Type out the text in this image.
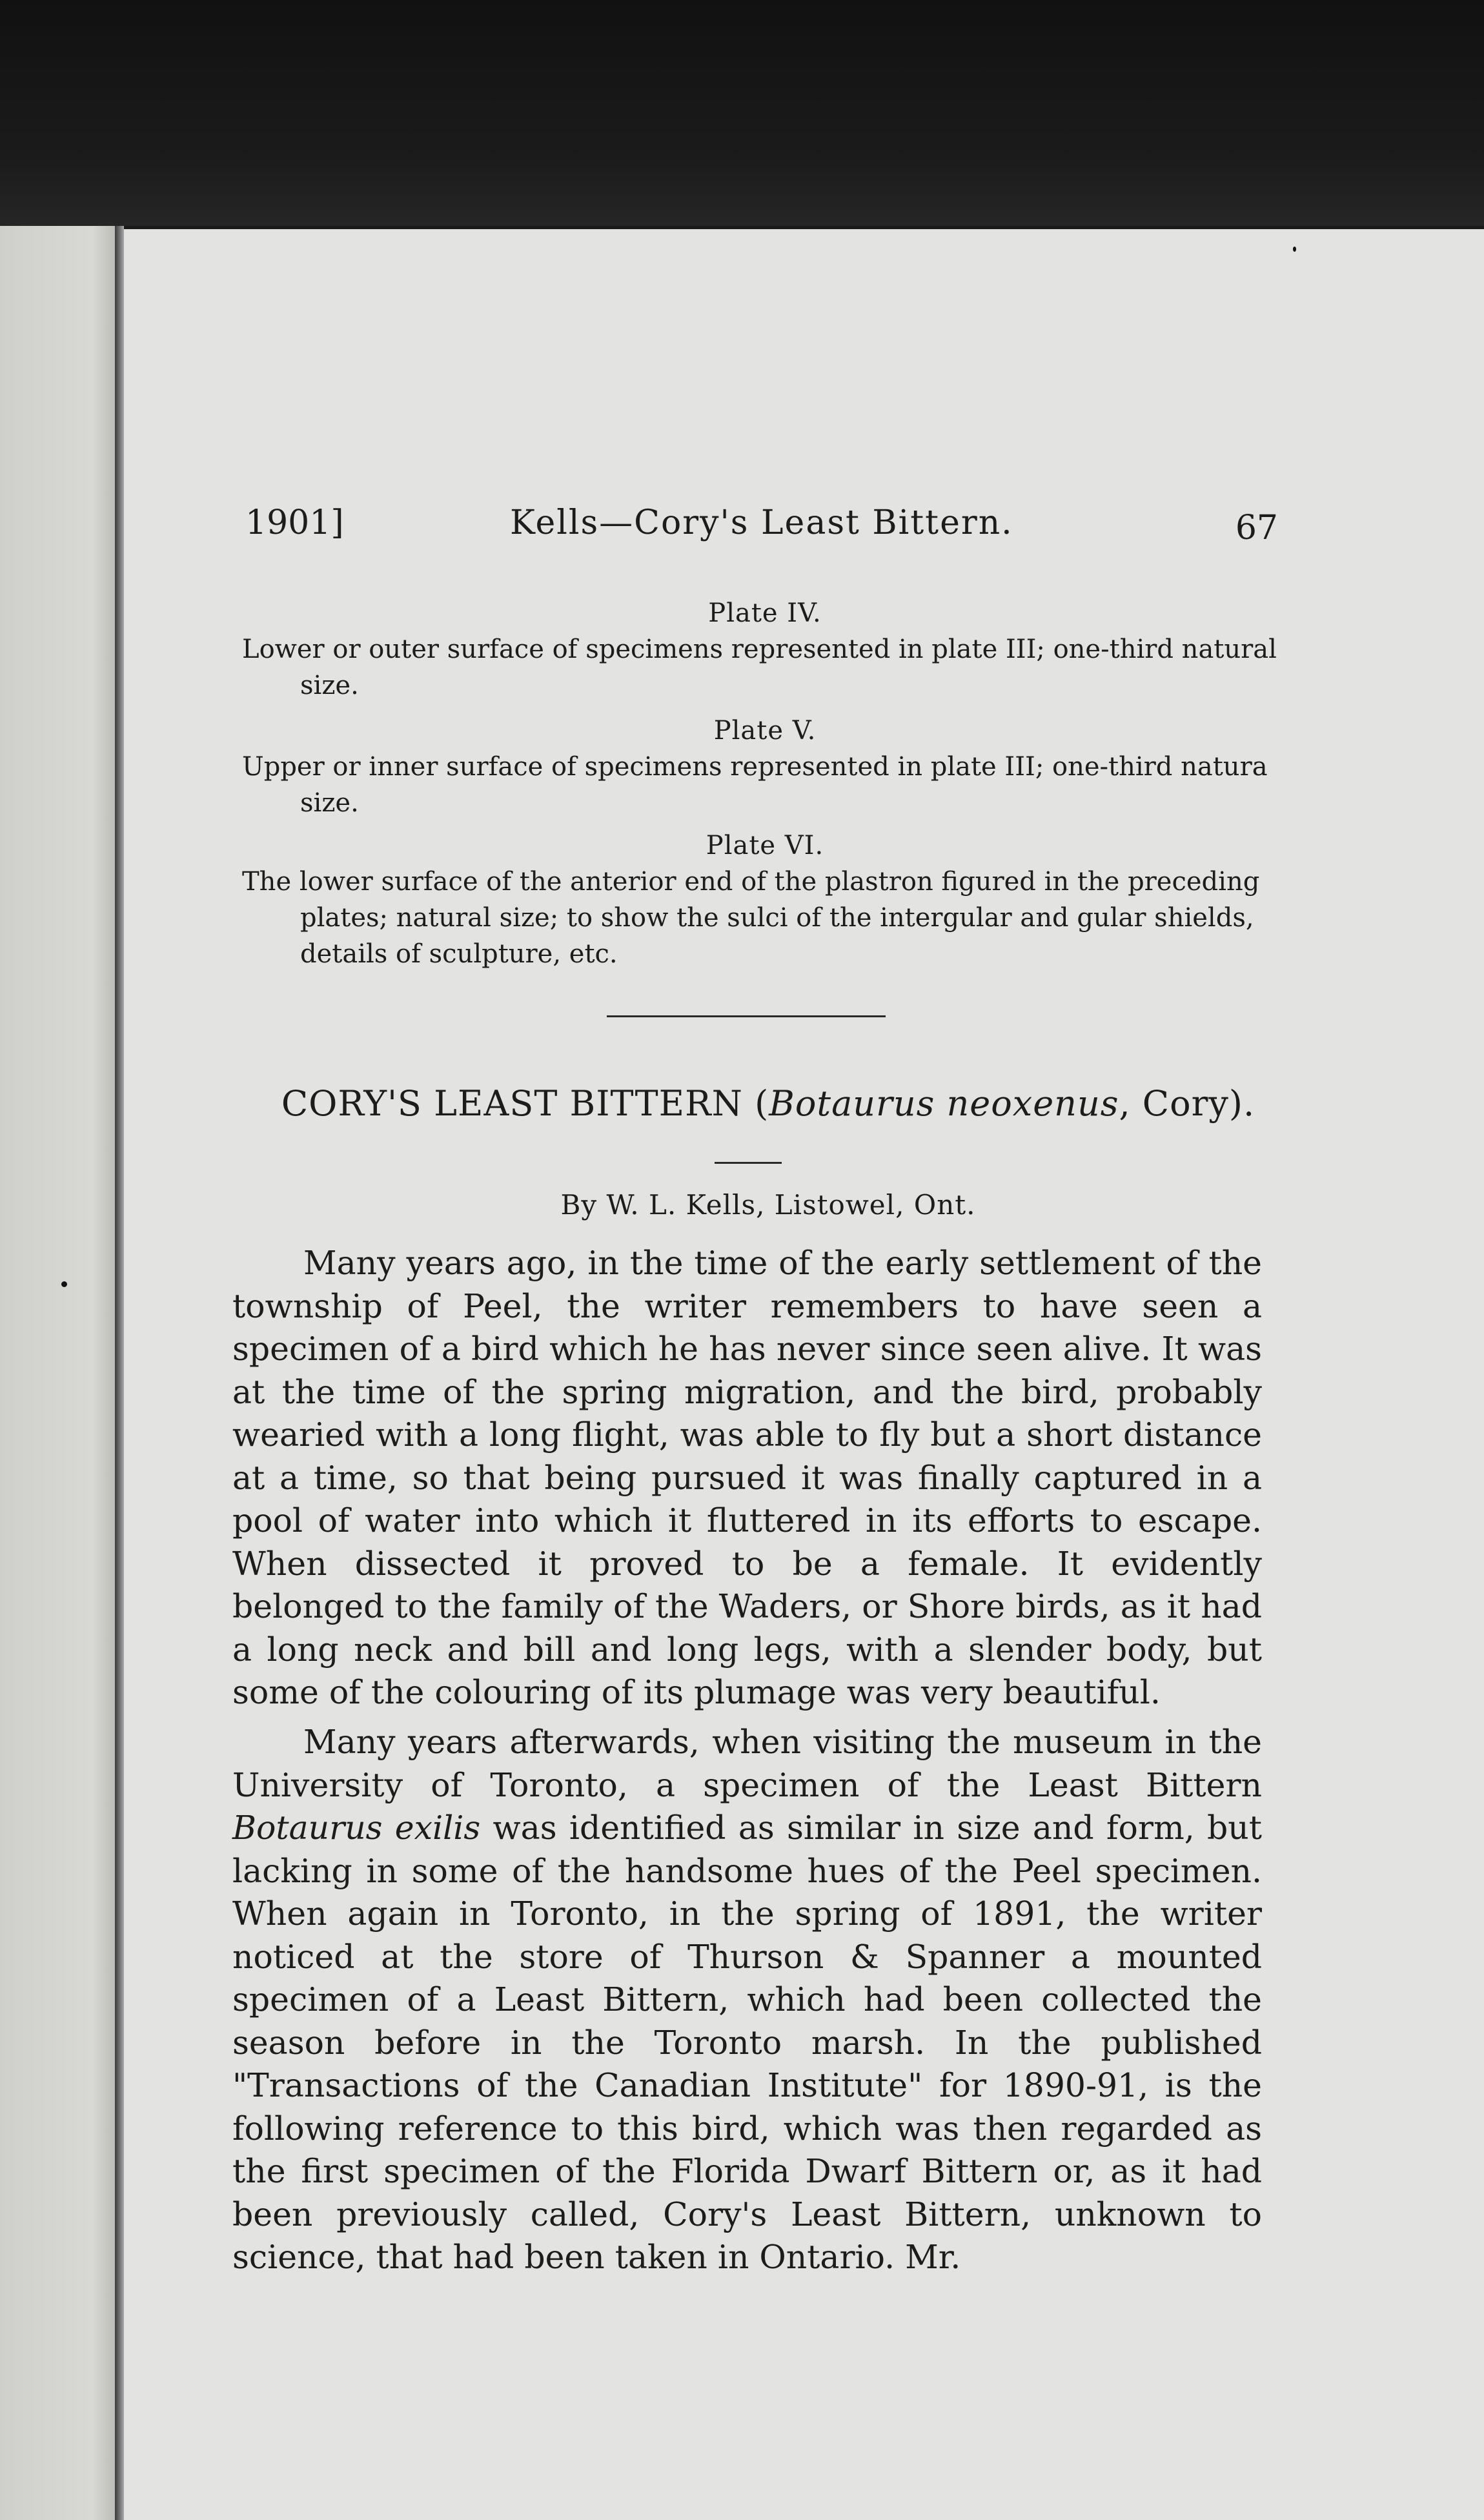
1901]	Kells—Cory's Least Bittern.	67
Plate IV.
Lower or outer surface of specimens represented in plate III; one-third natural size.
Plate V.
Upper or inner surface of specimens represented in plate III; one-third natura size.
Plate VI.
The lower surface of the anterior end of the plastron figured in the preceding plates; natural size; to show the sulci of the intergular and gular shields, details of sculpture, etc.
CORY'S LEAST BITTERN (Botaurus neoxenus, Cory).
By W. L. Kells, Listowel, Ont.
Many years ago, in the time of the early settlement of the township of Peel, the writer remembers to have seen a specimen of a bird which he has never since seen alive. It was at the time of the spring migration, and the bird, probably wearied with a long flight, was able to fly but a short distance at a time, so that being pursued it was finally captured in a pool of water into which it fluttered in its efforts to escape. When dissected it proved to be a female. It evidently belonged to the family of the Waders, or Shore birds, as it had a long neck and bill and long legs, with a slender body, but some of the colouring of its plumage was very beautiful.
Many years afterwards, when visiting the museum in the University of Toronto, a specimen of the Least Bittern Botaurus exilis was identified as similar in size and form, but lacking in some of the handsome hues of the Peel specimen. When again in Toronto, in the spring of 1891, the writer noticed at the store of Thurson & Spanner a mounted specimen of a Least Bittern, which had been collected the season before in the Toronto marsh. In the published "Transactions of the Canadian Institute" for 1890-91, is the following reference to this bird, which was then regarded as the first specimen of the Florida Dwarf Bittern or, as it had been previously called, Cory's Least Bittern, unknown to science, that had been taken in Ontario. Mr.
